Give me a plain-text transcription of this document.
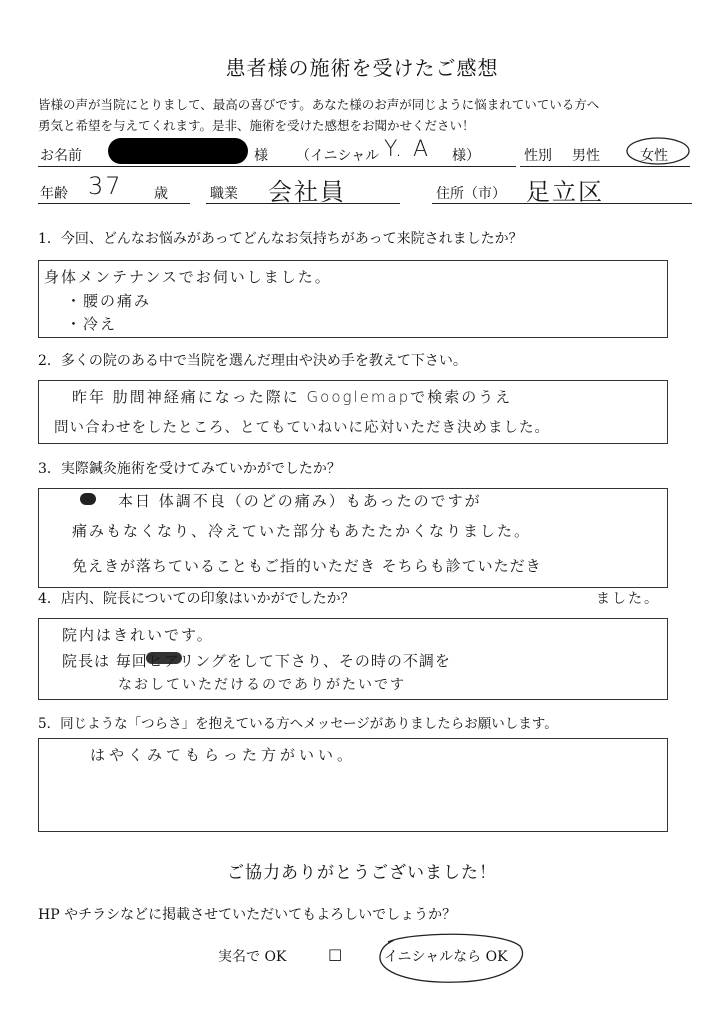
患者様の施術を受けたご感想
皆様の声が当院にとりまして、最高の喜びです。あなた様のお声が同じように悩まれていている方へ
勇気と希望を与えてくれます。是非、施術を受けた感想をお聞かせください！
お名前	様 （イニシャル Y. A 様）	性別 男性	女性
年齢 37 歳	職業 会社員	住所（市） 足立区
1．今回、どんなお悩みがあってどんなお気持ちがあって来院されましたか？
身体メンテナンスでお伺いしました。
・腰の痛み
・冷え
2．多くの院のある中で当院を選んだ理由や決め手を教えて下さい。
昨年 肋間神経痛になった際に Googlemapで検索のうえ
問い合わせをしたところ、とてもていねいに応対いただき決めました。
3．実際鍼灸施術を受けてみていかがでしたか？
本日 体調不良（のどの痛み）もあったのですが
痛みもなくなり、冷えていた部分もあたたかくなりました。
免えきが落ちていることもご指的いただき そちらも診ていただき
ました。
4．店内、院長についての印象はいかがでしたか？
院内はきれいです。
院長は 毎回ヒアリングをして下さり、その時の不調を
なおしていただけるのでありがたいです
5．同じような「つらさ」を抱えている方へメッセージがありましたらお願いします。
はやくみてもらった方がいい。
ご協力ありがとうございました！
HP やチラシなどに掲載させていただいてもよろしいでしょうか？
実名で OK	□	イニシャルなら OK
